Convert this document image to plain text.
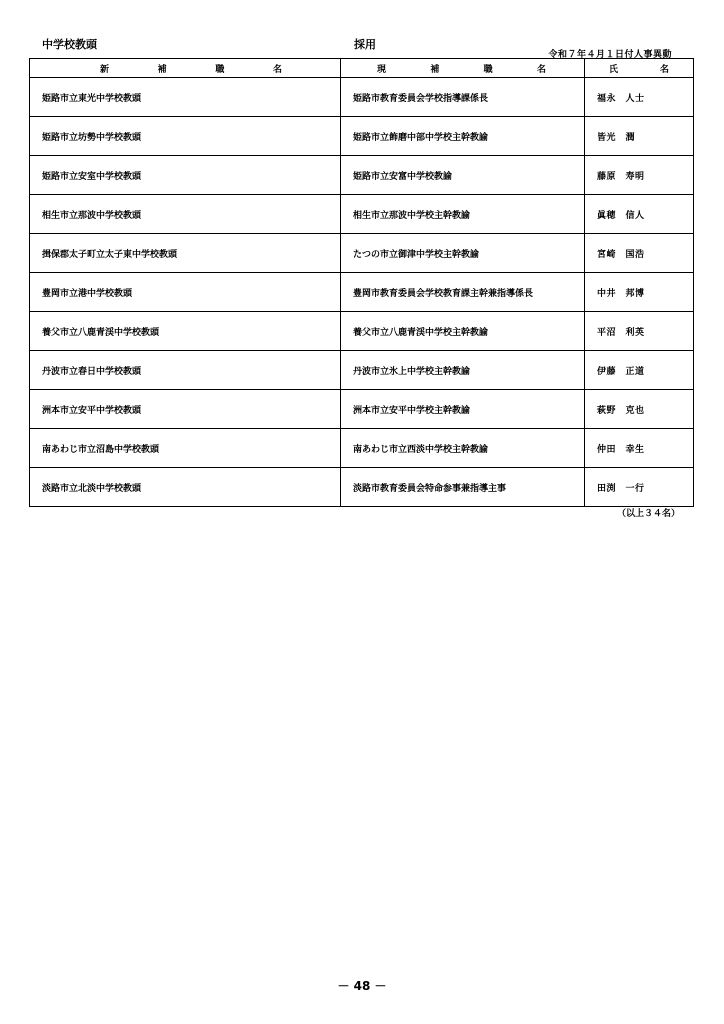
中学校教頭	採用
令和７年４月１日付人事異動
新 補 職 名	現 補 職 名	氏 名

姫路市立東光中学校教頭	姫路市教育委員会学校指導課係長	福永　人士
姫路市立坊勢中学校教頭	姫路市立飾磨中部中学校主幹教諭	皆光　潤
姫路市立安室中学校教頭	姫路市立安富中学校教諭	藤原　寿明
相生市立那波中学校教頭	相生市立那波中学校主幹教諭	眞穂　信人
揖保郡太子町立太子東中学校教頭	たつの市立御津中学校主幹教諭	宮崎　国浩
豊岡市立港中学校教頭	豊岡市教育委員会学校教育課主幹兼指導係長	中井　邦博
養父市立八鹿青渓中学校教頭	養父市立八鹿青渓中学校主幹教諭	平沼　利英
丹波市立春日中学校教頭	丹波市立氷上中学校主幹教諭	伊藤　正道
洲本市立安平中学校教頭	洲本市立安平中学校主幹教諭	萩野　克也
南あわじ市立沼島中学校教頭	南あわじ市立西淡中学校主幹教諭	仲田　幸生
淡路市立北淡中学校教頭	淡路市教育委員会特命参事兼指導主事	田渕　一行
（以上３４名）
－ 48 －
